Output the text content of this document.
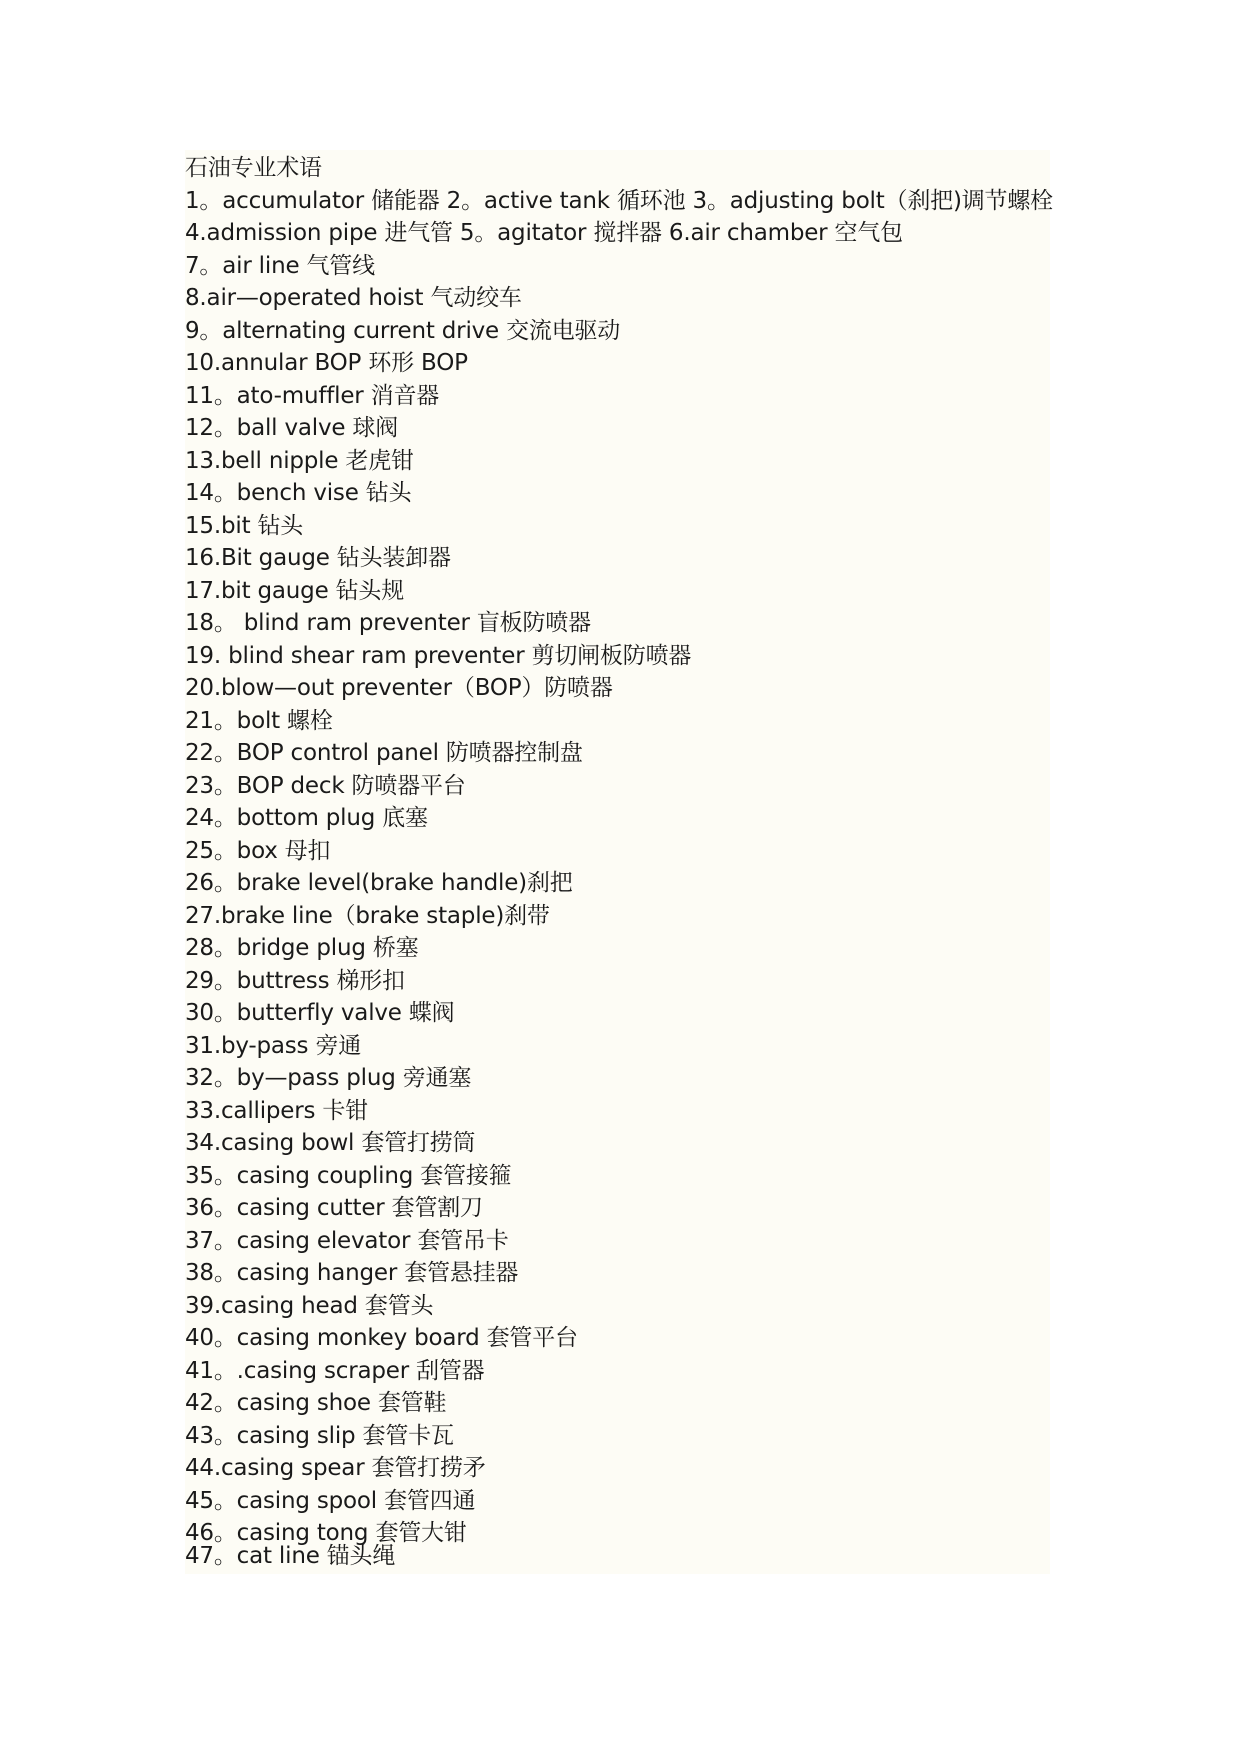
石油专业术语
1。accumulator 储能器 2。active tank 循环池 3。adjusting bolt（刹把)调节螺栓
4.admission pipe 进气管 5。agitator 搅拌器 6.air chamber 空气包
7。air line 气管线
8.air—operated hoist 气动绞车
9。alternating current drive 交流电驱动
10.annular BOP 环形 BOP
11。ato-muffler 消音器
12。ball valve 球阀
13.bell nipple 老虎钳
14。bench vise 钻头
15.bit 钻头
16.Bit gauge 钻头装卸器
17.bit gauge 钻头规
18。 blind ram preventer 盲板防喷器
19. blind shear ram preventer 剪切闸板防喷器
20.blow—out preventer（BOP）防喷器
21。bolt 螺栓
22。BOP control panel 防喷器控制盘
23。BOP deck 防喷器平台
24。bottom plug 底塞
25。box 母扣
26。brake level(brake handle)刹把
27.brake line（brake staple)刹带
28。bridge plug 桥塞
29。buttress 梯形扣
30。butterfly valve 蝶阀
31.by-pass 旁通
32。by—pass plug 旁通塞
33.callipers 卡钳
34.casing bowl 套管打捞筒
35。casing coupling 套管接箍
36。casing cutter 套管割刀
37。casing elevator 套管吊卡
38。casing hanger 套管悬挂器
39.casing head 套管头
40。casing monkey board 套管平台
41。.casing scraper 刮管器
42。casing shoe 套管鞋
43。casing slip 套管卡瓦
44.casing spear 套管打捞矛
45。casing spool 套管四通
46。casing tong 套管大钳
47。cat line 锚头绳
